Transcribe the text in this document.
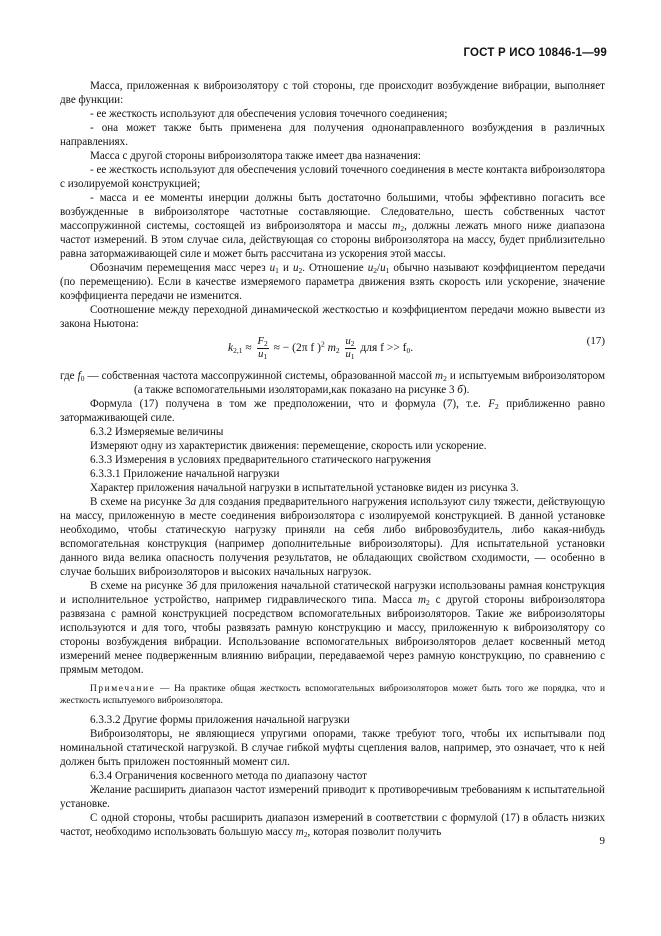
ГОСТ Р ИСО 10846-1—99

Масса, приложенная к виброизолятору с той стороны, где происходит возбуждение вибрации, выполняет две функции:

- ее жесткость используют для обеспечения условия точечного соединения;

- она может также быть применена для получения однонаправленного возбуждения в различных направлениях.

Масса с другой стороны виброизолятора также имеет два назначения:

- ее жесткость используют для обеспечения условий точечного соединения в месте контакта виброизолятора с изолируемой конструкцией;

- масса и ее моменты инерции должны быть достаточно большими, чтобы эффективно погасить все возбужденные в виброизоляторе частотные составляющие. Следовательно, шесть собственных частот массопружинной системы, состоящей из виброизолятора и массы $m_2$, должны лежать много ниже диапазона частот измерений. В этом случае сила, действующая со стороны виброизолятора на массу, будет приблизительно равна затормаживающей силе и может быть рассчитана из ускорения этой массы.

Обозначим перемещения масс через $u_1$ и $u_2$. Отношение $u_2/u_1$ обычно называют коэффициентом передачи (по перемещению). Если в качестве измеряемого параметра движения взять скорость или ускорение, значение коэффициента передачи не изменится.

Соотношение между переходной динамической жесткостью и коэффициентом передачи можно вывести из закона Ньютона:

$k_{2,1} \approx \frac{F_2}{u_1}$ ≈ − (2π f )$^2$ $m_2 \frac{u_2}{u_1}$ для $f >> f_0$.
(17)

где $f_0$ — собственная частота массопружинной системы, образованной массой $m_2$ и испытуемым виброизолятором (а также вспомогательными изоляторами,как показано на рисунке 3 б).

Формула (17) получена в том же предположении, что и формула (7), т.е. $F_2$ приближенно равно затормаживающей силе.

6.3.2 Измеряемые величины

Измеряют одну из характеристик движения: перемещение, скорость или ускорение.

6.3.3 Измерения в условиях предварительного статического нагружения

6.3.3.1 Приложение начальной нагрузки

Характер приложения начальной нагрузки в испытательной установке виден из рисунка 3.

В схеме на рисунке 3а для создания предварительного нагружения используют силу тяжести, действующую на массу, приложенную в месте соединения виброизолятора с изолируемой конструкцией. В данной установке необходимо, чтобы статическую нагрузку приняли на себя либо вибровозбудитель, либо какая-нибудь вспомогательная конструкция (например дополнительные виброизоляторы). Для испытательной установки данного вида велика опасность получения результатов, не обладающих свойством сходимости, — особенно в случае больших виброизоляторов и высоких начальных нагрузок.

В схеме на рисунке 3б для приложения начальной статической нагрузки использованы рамная конструкция и исполнительное устройство, например гидравлического типа. Масса $m_2$ с другой стороны виброизолятора развязана с рамной конструкцией посредством вспомогательных виброизоляторов. Такие же виброизоляторы используются и для того, чтобы развязать рамную конструкцию и массу, приложенную к виброизолятору со стороны возбуждения вибрации. Использование вспомогательных виброизоляторов делает косвенный метод измерений менее подверженным влиянию вибрации, передаваемой через рамную конструкцию, по сравнению с прямым методом.

Примечание — На практике общая жесткость вспомогательных виброизоляторов может быть того же порядка, что и жесткость испытуемого виброизолятора.

6.3.3.2 Другие формы приложения начальной нагрузки

Виброизоляторы, не являющиеся упругими опорами, также требуют того, чтобы их испытывали под номинальной статической нагрузкой. В случае гибкой муфты сцепления валов, например, это означает, что к ней должен быть приложен постоянный момент сил.

6.3.4 Ограничения косвенного метода по диапазону частот

Желание расширить диапазон частот измерений приводит к противоречивым требованиям к испытательной установке.

С одной стороны, чтобы расширить диапазон измерений в соответствии с формулой (17) в область низких частот, необходимо использовать большую массу $m_2$, которая позволит получить

9
